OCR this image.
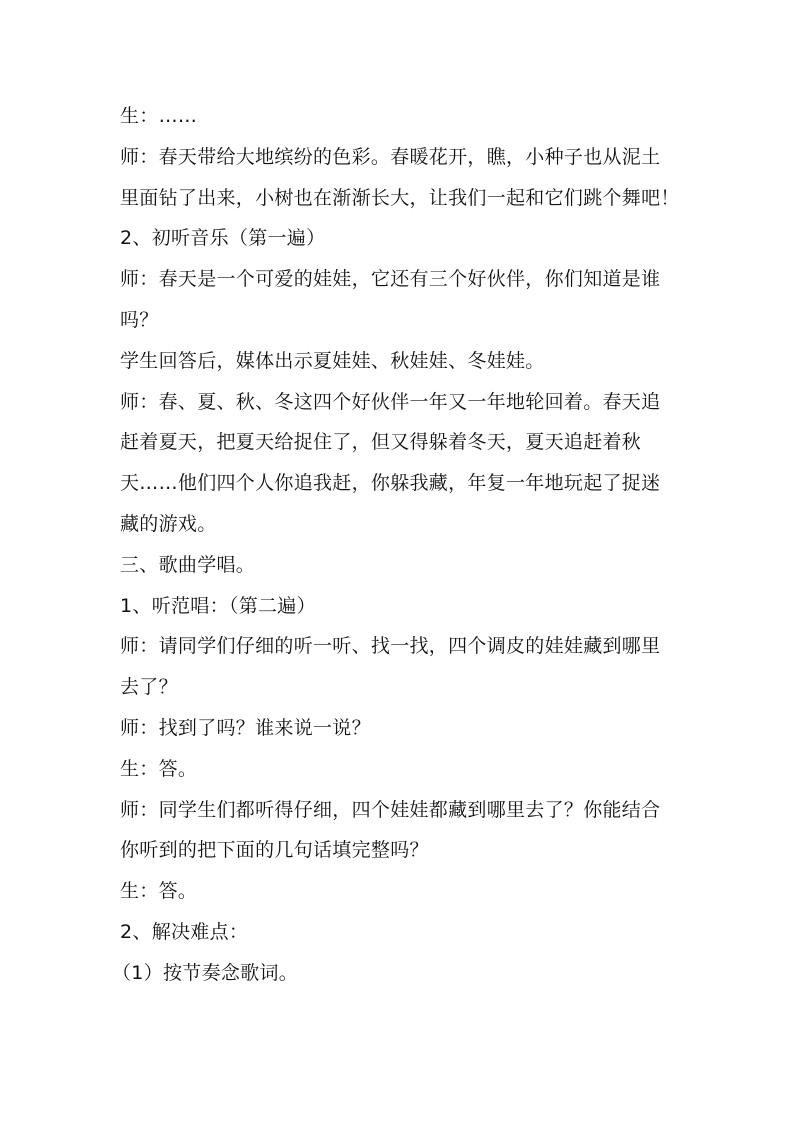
生：……
师：春天带给大地缤纷的色彩。春暖花开，瞧，小种子也从泥土
里面钻了出来，小树也在渐渐长大，让我们一起和它们跳个舞吧！
2、初听音乐（第一遍）
师：春天是一个可爱的娃娃，它还有三个好伙伴，你们知道是谁
吗？
学生回答后，媒体出示夏娃娃、秋娃娃、冬娃娃。
师：春、夏、秋、冬这四个好伙伴一年又一年地轮回着。春天追
赶着夏天，把夏天给捉住了，但又得躲着冬天，夏天追赶着秋
天……他们四个人你追我赶，你躲我藏，年复一年地玩起了捉迷
藏的游戏。
三、歌曲学唱。
1、听范唱：（第二遍）
师：请同学们仔细的听一听、找一找，四个调皮的娃娃藏到哪里
去了？
师：找到了吗？谁来说一说？
生：答。
师：同学生们都听得仔细，四个娃娃都藏到哪里去了？你能结合
你听到的把下面的几句话填完整吗？
生：答。
2、解决难点：
（1）按节奏念歌词。
